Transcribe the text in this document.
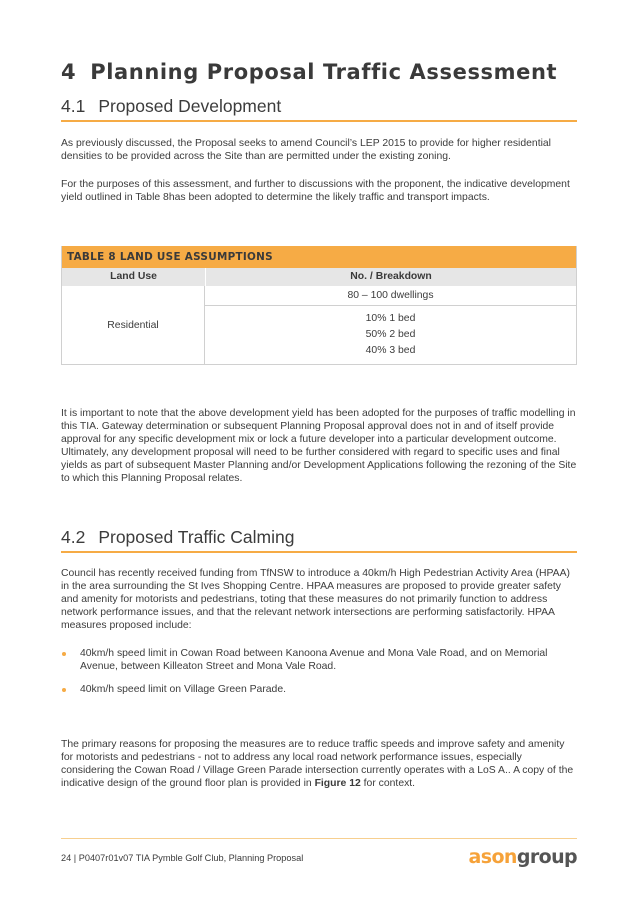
4 Planning Proposal Traffic Assessment
4.1 Proposed Development
As previously discussed, the Proposal seeks to amend Council’s LEP 2015 to provide for higher residential densities to be provided across the Site than are permitted under the existing zoning.
For the purposes of this assessment, and further to discussions with the proponent, the indicative development yield outlined in Table 8has been adopted to determine the likely traffic and transport impacts.
TABLE 8 LAND USE ASSUMPTIONS
Land Use	No. / Breakdown
Residential
80 – 100 dwellings
10% 1 bed
50% 2 bed
40% 3 bed
It is important to note that the above development yield has been adopted for the purposes of traffic modelling in this TIA. Gateway determination or subsequent Planning Proposal approval does not in and of itself provide approval for any specific development mix or lock a future developer into a particular development outcome. Ultimately, any development proposal will need to be further considered with regard to specific uses and final yields as part of subsequent Master Planning and/or Development Applications following the rezoning of the Site to which this Planning Proposal relates.
4.2 Proposed Traffic Calming
Council has recently received funding from TfNSW to introduce a 40km/h High Pedestrian Activity Area (HPAA) in the area surrounding the St Ives Shopping Centre. HPAA measures are proposed to provide greater safety and amenity for motorists and pedestrians, toting that these measures do not primarily function to address network performance issues, and that the relevant network intersections are performing satisfactorily. HPAA measures proposed include:
40km/h speed limit in Cowan Road between Kanoona Avenue and Mona Vale Road, and on Memorial Avenue, between Killeaton Street and Mona Vale Road.
40km/h speed limit on Village Green Parade.
The primary reasons for proposing the measures are to reduce traffic speeds and improve safety and amenity for motorists and pedestrians - not to address any local road network performance issues, especially considering the Cowan Road / Village Green Parade intersection currently operates with a LoS A.. A copy of the indicative design of the ground floor plan is provided in Figure 12 for context.
24 | P0407r01v07 TIA Pymble Golf Club, Planning Proposal	asongroup
